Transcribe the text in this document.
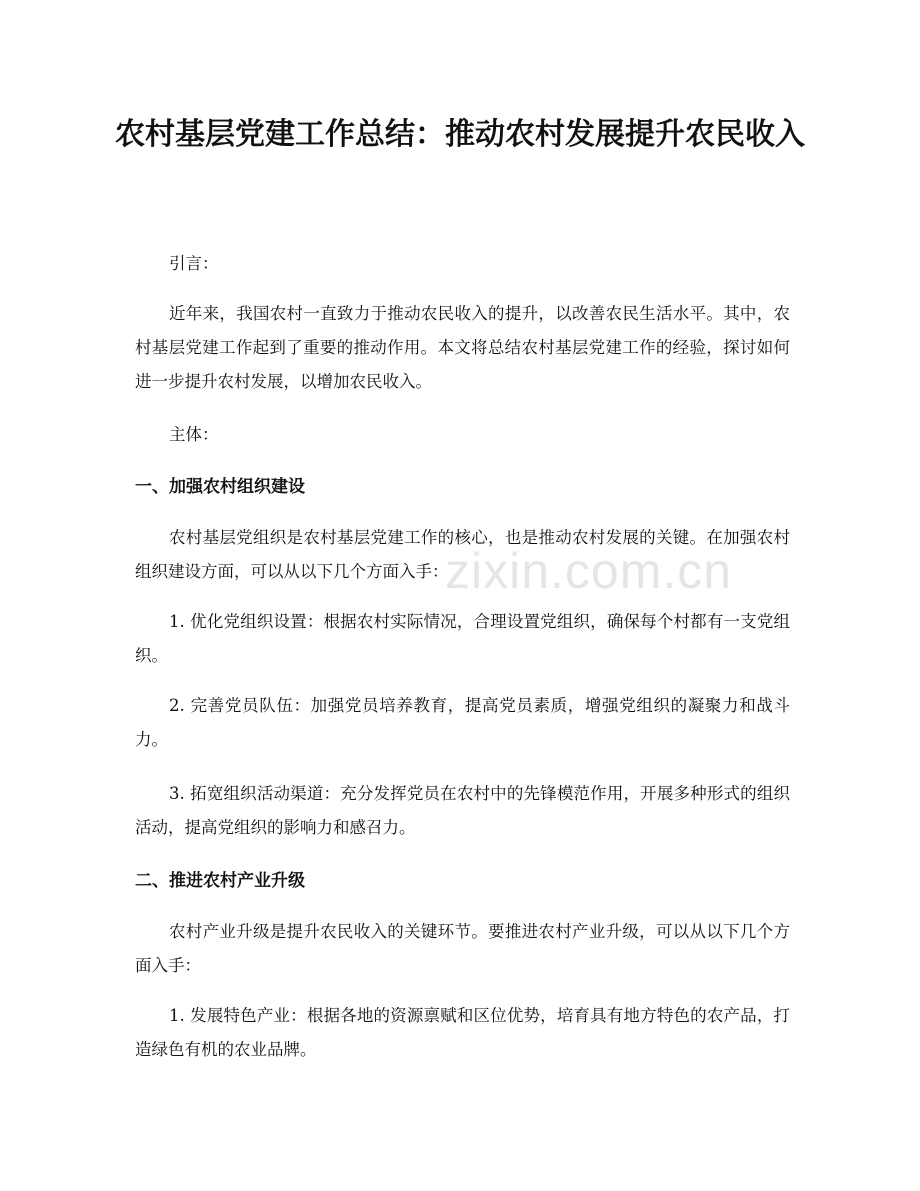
农村基层党建工作总结：推动农村发展提升农民收入

引言：

近年来，我国农村一直致力于推动农民收入的提升，以改善农民生活水平。其中，农村基层党建工作起到了重要的推动作用。本文将总结农村基层党建工作的经验，探讨如何进一步提升农村发展，以增加农民收入。

主体：

一、加强农村组织建设

农村基层党组织是农村基层党建工作的核心，也是推动农村发展的关键。在加强农村组织建设方面，可以从以下几个方面入手：

1. 优化党组织设置：根据农村实际情况，合理设置党组织，确保每个村都有一支党组织。

2. 完善党员队伍：加强党员培养教育，提高党员素质，增强党组织的凝聚力和战斗力。

3. 拓宽组织活动渠道：充分发挥党员在农村中的先锋模范作用，开展多种形式的组织活动，提高党组织的影响力和感召力。

二、推进农村产业升级

农村产业升级是提升农民收入的关键环节。要推进农村产业升级，可以从以下几个方面入手：

1. 发展特色产业：根据各地的资源禀赋和区位优势，培育具有地方特色的农产品，打造绿色有机的农业品牌。

zixin.com.cn
